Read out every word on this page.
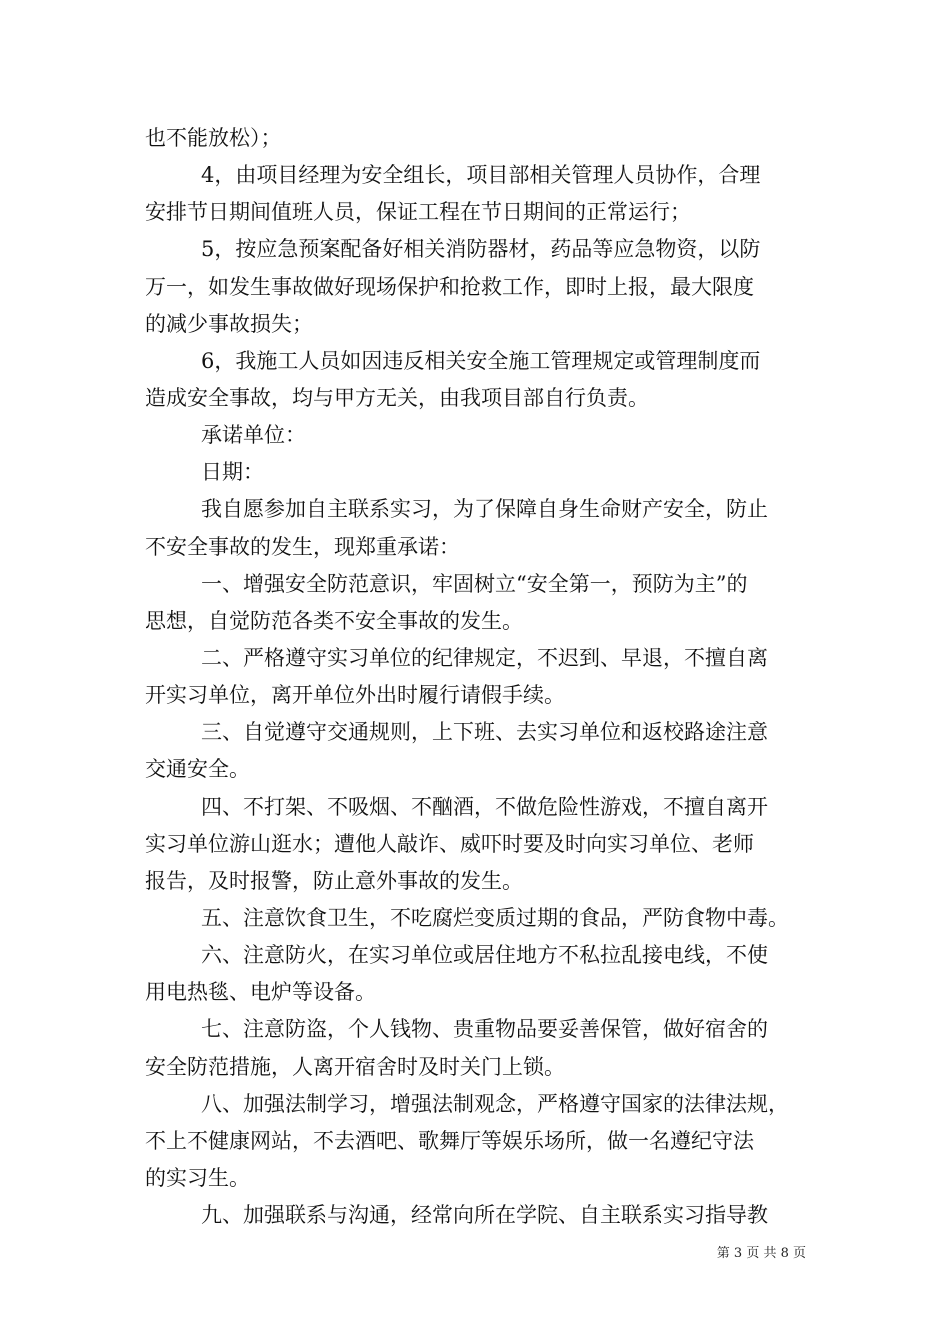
也不能放松）；
4，由项目经理为安全组长，项目部相关管理人员协作，合理
安排节日期间值班人员，保证工程在节日期间的正常运行；
5，按应急预案配备好相关消防器材，药品等应急物资，以防
万一，如发生事故做好现场保护和抢救工作，即时上报，最大限度
的减少事故损失；
6，我施工人员如因违反相关安全施工管理规定或管理制度而
造成安全事故，均与甲方无关，由我项目部自行负责。
承诺单位：
日期：
我自愿参加自主联系实习，为了保障自身生命财产安全，防止
不安全事故的发生，现郑重承诺：
一、增强安全防范意识，牢固树立“安全第一，预防为主”的
思想，自觉防范各类不安全事故的发生。
二、严格遵守实习单位的纪律规定，不迟到、早退，不擅自离
开实习单位，离开单位外出时履行请假手续。
三、自觉遵守交通规则，上下班、去实习单位和返校路途注意
交通安全。
四、不打架、不吸烟、不酗酒，不做危险性游戏，不擅自离开
实习单位游山逛水；遭他人敲诈、威吓时要及时向实习单位、老师
报告，及时报警，防止意外事故的发生。
五、注意饮食卫生，不吃腐烂变质过期的食品，严防食物中毒。
六、注意防火，在实习单位或居住地方不私拉乱接电线，不使
用电热毯、电炉等设备。
七、注意防盗，个人钱物、贵重物品要妥善保管，做好宿舍的
安全防范措施，人离开宿舍时及时关门上锁。
八、加强法制学习，增强法制观念，严格遵守国家的法律法规，
不上不健康网站，不去酒吧、歌舞厅等娱乐场所，做一名遵纪守法
的实习生。
九、加强联系与沟通，经常向所在学院、自主联系实习指导教
第 3 页 共 8 页
